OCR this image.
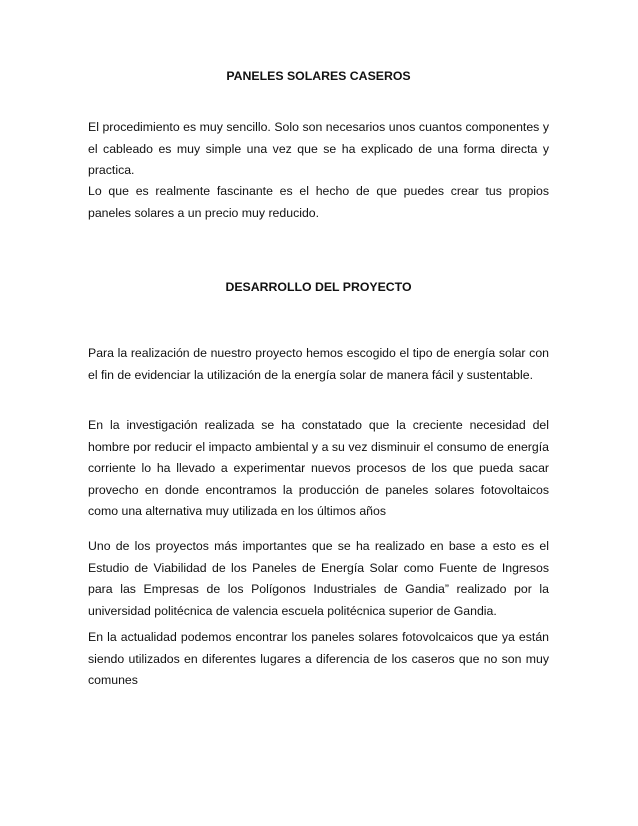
PANELES SOLARES CASEROS

El procedimiento es muy sencillo. Solo son necesarios unos cuantos componentes y el cableado es muy simple una vez que se ha explicado de una forma directa y practica.

Lo que es realmente fascinante es el hecho de que puedes crear tus propios paneles solares a un precio muy reducido.

DESARROLLO DEL PROYECTO

Para la realización de nuestro proyecto hemos escogido el tipo de energía solar con el fin de evidenciar la utilización de la energía solar de manera fácil y sustentable.

En la investigación realizada se ha constatado que la creciente necesidad del hombre por reducir el impacto ambiental y a su vez disminuir el consumo de energía corriente lo ha llevado a experimentar nuevos procesos de los que pueda sacar provecho en donde encontramos la producción de paneles solares fotovoltaicos como una alternativa muy utilizada en los últimos años

Uno de los proyectos más importantes que se ha realizado en base a esto es el Estudio de Viabilidad de los Paneles de Energía Solar como Fuente de Ingresos para las Empresas de los Polígonos Industriales de Gandia” realizado por la universidad politécnica de valencia escuela politécnica superior de Gandia.

En la actualidad podemos encontrar los paneles solares fotovolcaicos que ya están siendo utilizados en diferentes lugares a diferencia de los caseros que no son muy comunes
